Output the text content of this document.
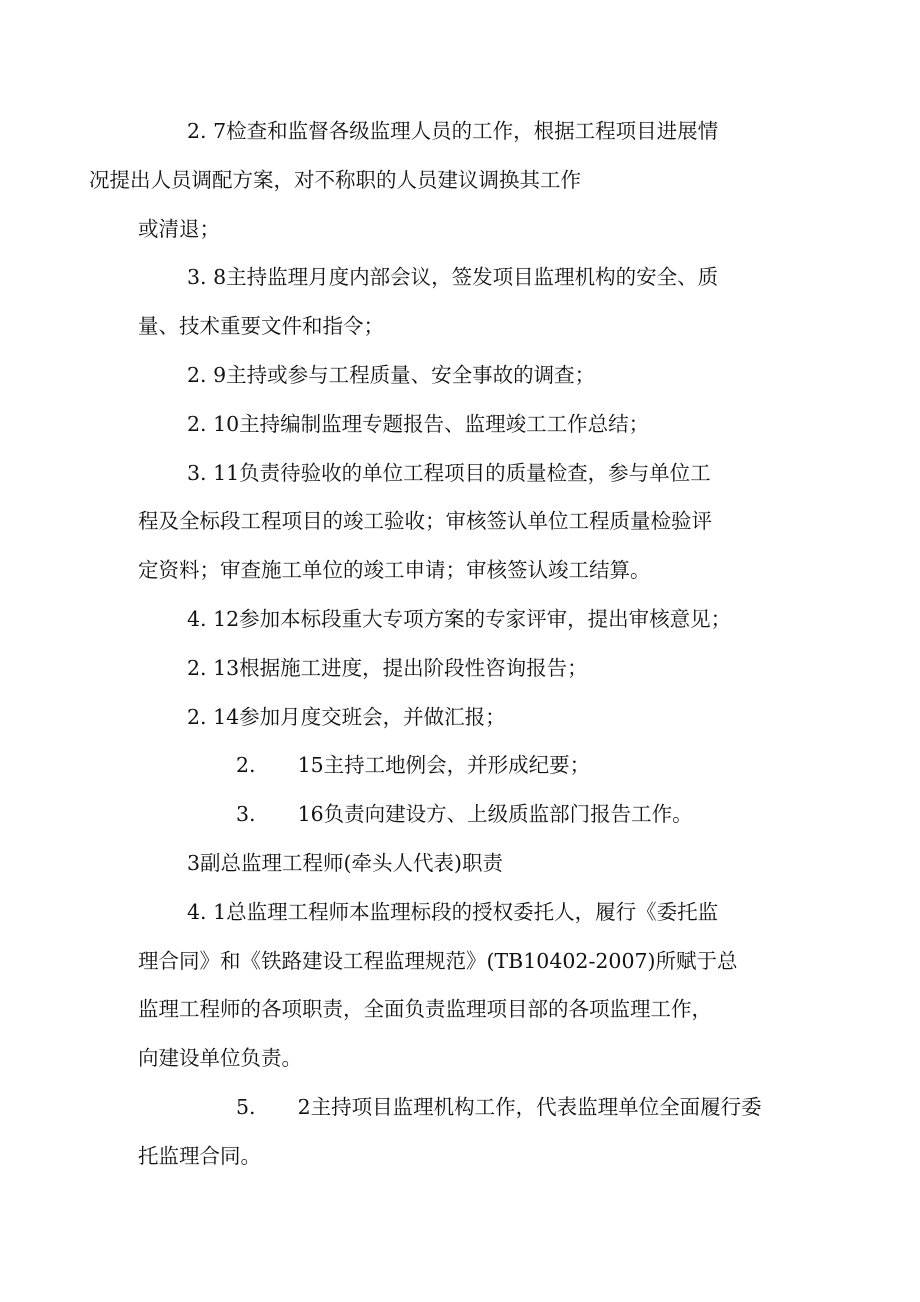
2. 7检查和监督各级监理人员的工作，根据工程项目进展情
况提出人员调配方案，对不称职的人员建议调换其工作
或清退；

3. 8主持监理月度内部会议，签发项目监理机构的安全、质
量、技术重要文件和指令；

2. 9主持或参与工程质量、安全事故的调查；

2. 10主持编制监理专题报告、监理竣工工作总结；

3. 11负责待验收的单位工程项目的质量检查，参与单位工
程及全标段工程项目的竣工验收；审核签认单位工程质量检验评
定资料；审查施工单位的竣工申请；审核签认竣工结算。

4. 12参加本标段重大专项方案的专家评审，提出审核意见；

2. 13根据施工进度，提出阶段性咨询报告；

2. 14参加月度交班会，并做汇报；

2. 15主持工地例会，并形成纪要；

3. 16负责向建设方、上级质监部门报告工作。

3副总监理工程师(牵头人代表)职责

4. 1总监理工程师本监理标段的授权委托人，履行《委托监
理合同》和《铁路建设工程监理规范》(TB10402-2007)所赋于总
监理工程师的各项职责，全面负责监理项目部的各项监理工作，
向建设单位负责。

5. 2主持项目监理机构工作，代表监理单位全面履行委
托监理合同。
